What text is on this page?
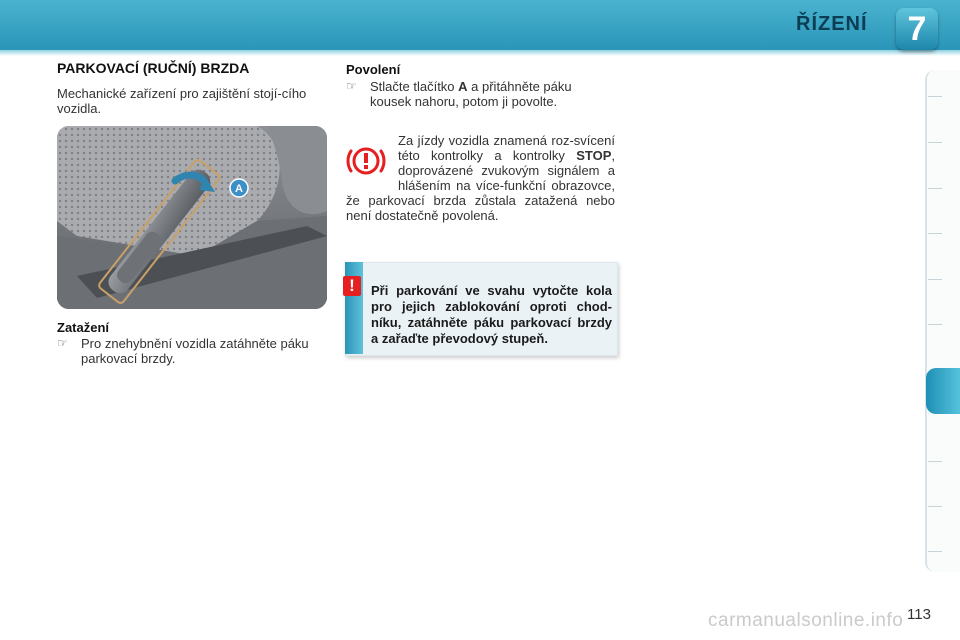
ŘÍZENÍ	7
PARKOVACÍ (RUČNÍ) BRZDA

Mechanické zařízení pro zajištění stojí-cího vozidla.

A

Zatažení

☞ Pro znehybnění vozidla zatáhněte páku parkovací brzdy.

Povolení

☞ Stlačte tlačítko A a přitáhněte páku kousek nahoru, potom ji povolte.

Za jízdy vozidla znamená roz-svícení této kontrolky a kontrolky STOP, doprovázené zvukovým signálem a hlášením na více-funkční obrazovce, že parkovací brzda zůstala zatažená nebo není dostatečně povolená.

!	Při parkování ve svahu vytočte kola pro jejich zablokování oproti chod-níku, zatáhněte páku parkovací brzdy a zařaďte převodový stupeň.

carmanualsonline.info 113
